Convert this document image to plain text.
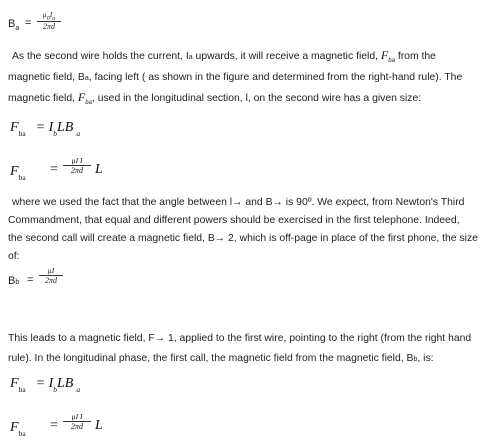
$B_a$ =
$\mu_0I_a$
2πd
As the second wire holds the current, Ia upwards, it will receive a magnetic field, $F_{ba}$ from the
magnetic field, Ba, facing left ( as shown in the figure and determined from the right-hand rule). The
magnetic field, $F_{ba}$, used in the longitudinal section, l, on the second wire has a given size:
$F_{ba} = I_bLB$ $_a$
$F_{ba}$
=
μI I
2πd L
where we used the fact that the angle between l→ and B→ is 90º. We expect, from Newton's Third
Commandment, that equal and different powers should be exercised in the first telephone. Indeed,
the second call will create a magnetic field, B→ 2, which is off-page in place of the first phone, the size
of:
Bb =
μI
2πd
This leads to a magnetic field, F→ 1, applied to the first wire, pointing to the right (from the right hand
rule). In the longitudinal phase, the first call, the magnetic field from the magnetic field, Bb, is:
$F_{ba} = I_bLB$ $_a$
$F_{ba}$
=
μI I
2πd L
